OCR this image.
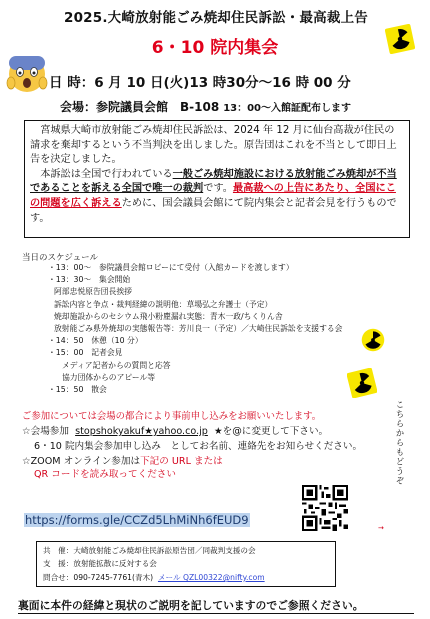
2025.大崎放射能ごみ焼却住民訴訟・最高裁上告
6・10 院内集会
日 時：6 月 10 日(火)13 時30分～16 時 00 分
会場：参院議員会館　B-108 13：00～入館証配布します

宮城県大崎市放射能ごみ焼却住民訴訟は、2024 年 12 月に仙台高裁が住民の請求を棄却するという不当判決を出しました。原告団はこれを不当として即日上告を決定しました。

本訴訟は全国で行われている一般ごみ焼却施設における放射能ごみ焼却が不当であることを訴える全国で唯一の裁判です。最高裁への上告にあたり、全国にこの問題を広く訴えるために、国会議員会館にて院内集会と記者会見を行うものです。

当日のスケジュール
・13：00～　参院議員会館ロビーにて受付（入館カードを渡します）
・13：30～　集会開始
阿部忠悦原告団長挨拶
訴訟内容と争点・裁判経緯の説明他：草場弘之弁護士（予定）
焼却施設からのセシウム飛小粉塵漏れ実態：青木一政/ちくりん舎
放射能ごみ県外焼却の実態報告等：芳川良一（予定）／大崎住民訴訟を支援する会
・14：50　休憩（10 分）
・15：00　記者会見
メディア記者からの質問と応答
協力団体からのアピール等
・15：50　散会
ご参加については会場の都合により事前申し込みをお願いいたします。
☆会場参加 stopshokyakuf★yahoo.co.jp ★を@に変更して下さい。
6・10 院内集会参加申し込み　としてお名前、連絡先をお知らせください。
☆ZOOM オンライン参加は下記の URL または
QR コードを読み取ってください	こちらからもどうぞ
→
https://forms.gle/CCZd5LhMiNh6fEUD9
共　催：大崎放射能ごみ焼却住民訴訟原告団／同裁判支援の会
支　援：放射能拡散に反対する会
問合せ：090-7245-7761(青木) メール QZL00322@nifty.com
裏面に本件の経緯と現状のご説明を記していますのでご参照ください。
